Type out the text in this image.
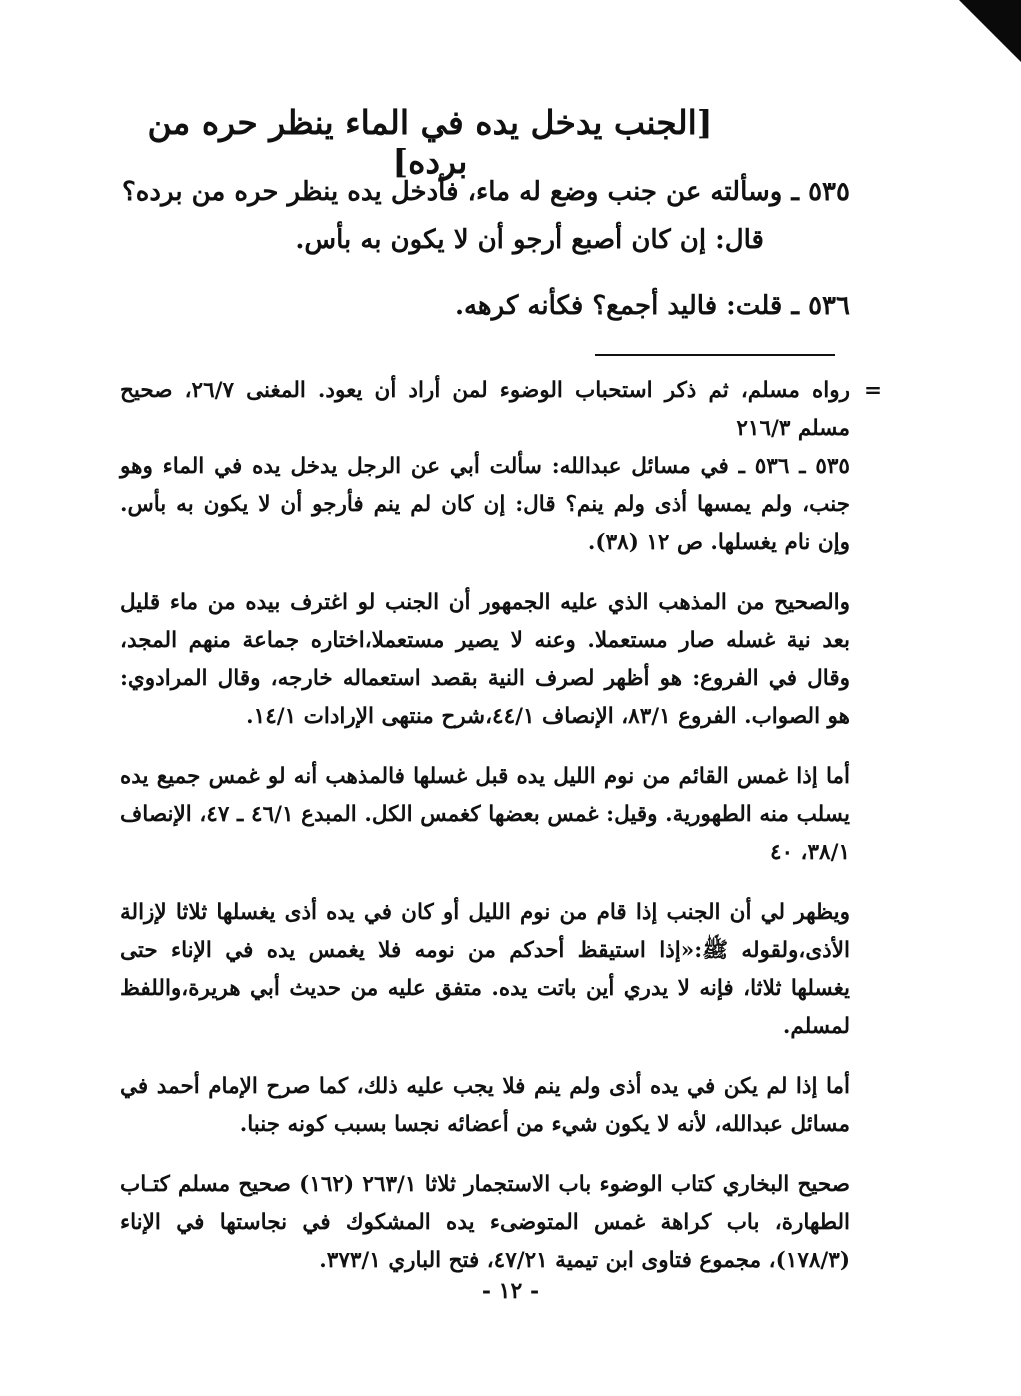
[الجنب يدخل يده في الماء ينظر حره من برده]

٥٣٥ ـ وسألته عن جنب وضع له ماء، فأدخل يده ينظر حره من برده؟

قال: إن كان أصبع أرجو أن لا يكون به بأس.

٥٣٦ ـ قلت: فاليد أجمع؟ فكأنه كرهه.

=

رواه مسلم، ثم ذكر استحباب الوضوء لمن أراد أن يعود. المغنى ٢٦/٧، صحيح مسلم ٢١٦/٣

٥٣٥ ـ ٥٣٦ ـ في مسائل عبدالله: سألت أبي عن الرجل يدخل يده في الماء وهو جنب، ولم يمسها أذى ولم ينم؟ قال: إن كان لم ينم فأرجو أن لا يكون به بأس. وإن نام يغسلها. ص ١٢ (٣٨).

والصحيح من المذهب الذي عليه الجمهور أن الجنب لو اغترف بيده من ماء قليل بعد نية غسله صار مستعملا. وعنه لا يصير مستعملا،اختاره جماعة منهم المجد، وقال في الفروع: هو أظهر لصرف النية بقصد استعماله خارجه، وقال المرادوي: هو الصواب. الفروع ٨٣/١، الإنصاف ٤٤/١،شرح منتهى الإرادات ١٤/١.

أما إذا غمس القائم من نوم الليل يده قبل غسلها فالمذهب أنه لو غمس جميع يده يسلب منه الطهورية. وقيل: غمس بعضها كغمس الكل. المبدع ٤٦/١ ـ ٤٧، الإنصاف ٣٨/١، ٤٠

ويظهر لي أن الجنب إذا قام من نوم الليل أو كان في يده أذى يغسلها ثلاثا لإزالة الأذى،ولقوله ﷺ:«إذا استيقظ أحدكم من نومه فلا يغمس يده في الإناء حتى يغسلها ثلاثا، فإنه لا يدري أين باتت يده. متفق عليه من حديث أبي هريرة،واللفظ لمسلم.

أما إذا لم يكن في يده أذى ولم ينم فلا يجب عليه ذلك، كما صرح الإمام أحمد في مسائل عبدالله، لأنه لا يكون شيء من أعضائه نجسا بسبب كونه جنبا.

صحيح البخاري كتاب الوضوء باب الاستجمار ثلاثا ٢٦٣/١ (١٦٢) صحيح مسلم كتـاب الطهارة، باب كراهة غمس المتوضىء يده المشكوك في نجاستها في الإناء (١٧٨/٣)، مجموع فتاوى ابن تيمية ٤٧/٢١، فتح الباري ٣٧٣/١.

- ١٢ -
